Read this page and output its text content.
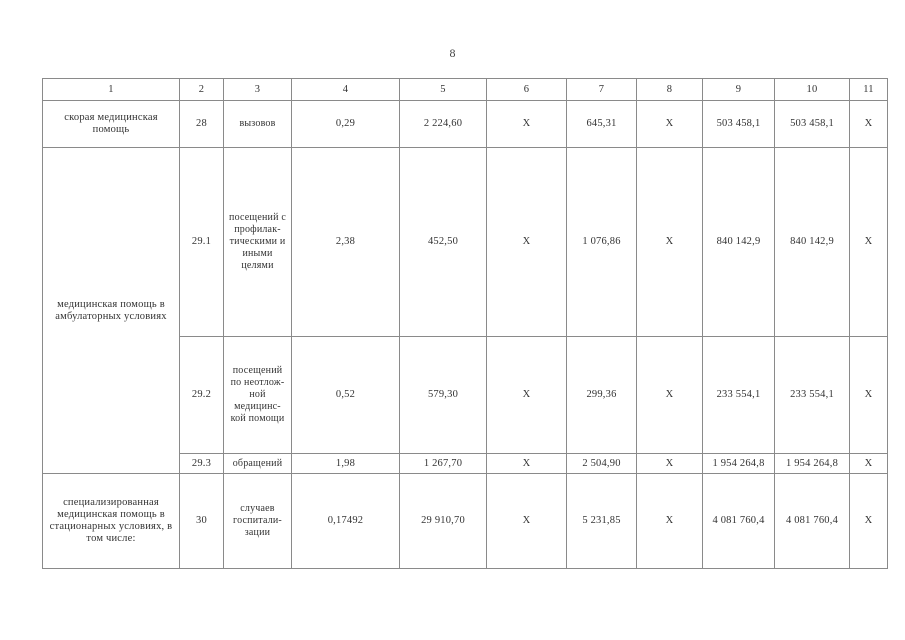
8
1	2	3	4	5	6	7	8	9	10	11
скорая медицинская помощь	28	вызовов	0,29	2 224,60	X	645,31	X	503 458,1	503 458,1	X
медицинская помощь в амбулаторных условиях	29.1	посещений с профилак-тическими и иными целями	2,38	452,50	X	1 076,86	X	840 142,9	840 142,9	X
	29.2	посещений по неотлож-ной медицинс-кой помощи	0,52	579,30	X	299,36	X	233 554,1	233 554,1	X
	29.3	обращений	1,98	1 267,70	X	2 504,90	X	1 954 264,8	1 954 264,8	X
специализированная медицинская помощь в стационарных условиях, в том числе:	30	случаев госпитали-зации	0,17492	29 910,70	X	5 231,85	X	4 081 760,4	4 081 760,4	X
